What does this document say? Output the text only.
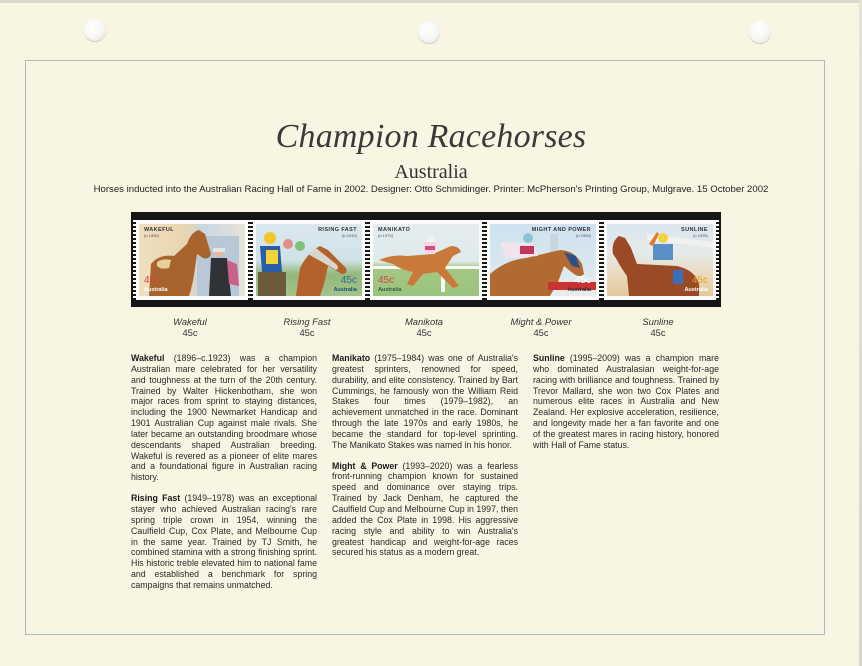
Champion Racehorses
Australia
Horses inducted into the Australian Racing Hall of Fame in 2002. Designer: Otto Schmidinger. Printer: McPherson's Printing Group, Mulgrave. 15 October 2002
WAKEFUL
(b.1896)
45c
Australia
RISING FAST
(b.1949)
45c
Australia
MANIKATO
(b.1975)
45c
Australia
MIGHT AND POWER
(b.1993)
45c
Australia
SUNLINE
(b.1995)
45c
Australia
Wakeful
45c
Rising Fast
45c
Manikota
45c
Might & Power
45c
Sunline
45c

Wakeful (1896–c.1923) was a champion Australian mare celebrated for her versatility and toughness at the turn of the 20th century. Trained by Walter Hickenbotham, she won major races from sprint to staying distances, including the 1900 Newmarket Handicap and 1901 Australian Cup against male rivals. She later became an outstanding broodmare whose descendants shaped Australian breeding. Wakeful is revered as a pioneer of elite mares and a foundational figure in Australian racing history.

Rising Fast (1949–1978) was an exceptional stayer who achieved Australian racing's rare spring triple crown in 1954, winning the Caulfield Cup, Cox Plate, and Melbourne Cup in the same year. Trained by TJ Smith, he combined stamina with a strong finishing sprint. His historic treble elevated him to national fame and established a benchmark for spring campaigns that remains unmatched.

Manikato (1975–1984) was one of Australia's greatest sprinters, renowned for speed, durability, and elite consistency. Trained by Bart Cummings, he famously won the William Reid Stakes four times (1979–1982), an achievement unmatched in the race. Dominant through the late 1970s and early 1980s, he became the standard for top-level sprinting. The Manikato Stakes was named in his honor.

Might & Power (1993–2020) was a fearless front-running champion known for sustained speed and dominance over staying trips. Trained by Jack Denham, he captured the Caulfield Cup and Melbourne Cup in 1997, then added the Cox Plate in 1998. His aggressive racing style and ability to win Australia's greatest handicap and weight-for-age races secured his status as a modern great.

Sunline (1995–2009) was a champion mare who dominated Australasian weight-for-age racing with brilliance and toughness. Trained by Trevor Mallard, she won two Cox Plates and numerous elite races in Australia and New Zealand. Her explosive acceleration, resilience, and longevity made her a fan favorite and one of the greatest mares in racing history, honored with Hall of Fame status.
